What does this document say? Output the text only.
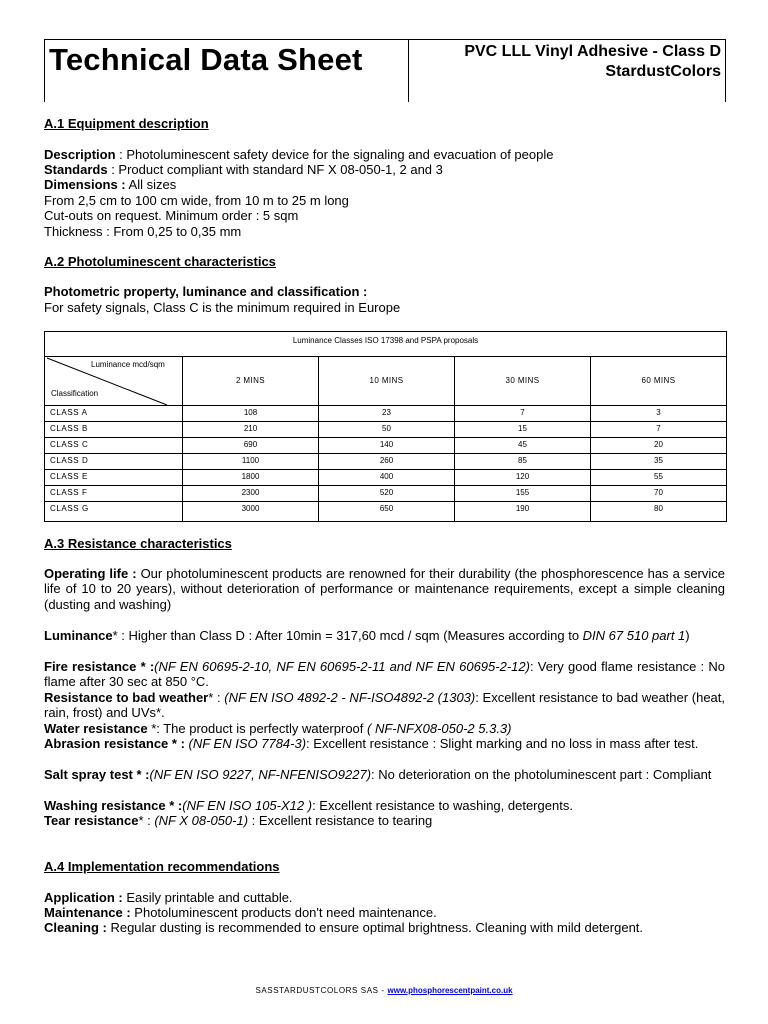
Technical Data Sheet	PVC LLL Vinyl Adhesive - Class D
StardustColors
A.1 Equipment description
Description : Photoluminescent safety device for the signaling and evacuation of people
Standards : Product compliant with standard NF X 08-050-1, 2 and 3
Dimensions : All sizes
From 2,5 cm to 100 cm wide, from 10 m to 25 m long
Cut-outs on request. Minimum order : 5 sqm
Thickness : From 0,25 to 0,35 mm
A.2 Photoluminescent characteristics
Photometric property, luminance and classification :
For safety signals, Class C is the minimum required in Europe
Luminance Classes ISO 17398 and PSPA proposals
Luminance mcd/sqm
Classification
2 MINS	10 MINS	30 MINS	60 MINS
CLASS A	108	23	7	3
CLASS B	210	50	15	7
CLASS C	690	140	45	20
CLASS D	1100	260	85	35
CLASS E	1800	400	120	55
CLASS F	2300	520	155	70
CLASS G	3000	650	190	80
A.3 Resistance characteristics
Operating life : Our photoluminescent products are renowned for their durability (the phosphorescence has a service life of 10 to 20 years), without deterioration of performance or maintenance requirements, except a simple cleaning (dusting and washing)
Luminance* : Higher than Class D : After 10min = 317,60 mcd / sqm (Measures according to DIN 67 510 part 1)
Fire resistance * :(NF EN 60695-2-10, NF EN 60695-2-11 and NF EN 60695-2-12): Very good flame resistance : No flame after 30 sec at 850 °C.
Resistance to bad weather* : (NF EN ISO 4892-2 - NF-ISO4892-2 (1303): Excellent resistance to bad weather (heat, rain, frost) and UVs*.
Water resistance *: The product is perfectly waterproof ( NF-NFX08-050-2 5.3.3)
Abrasion resistance * : (NF EN ISO 7784-3): Excellent resistance : Slight marking and no loss in mass after test.
Salt spray test * :(NF EN ISO 9227, NF-NFENISO9227): No deterioration on the photoluminescent part : Compliant
Washing resistance * :(NF EN ISO 105-X12 ): Excellent resistance to washing, detergents.
Tear resistance* : (NF X 08-050-1) : Excellent resistance to tearing
A.4 Implementation recommendations
Application : Easily printable and cuttable.
Maintenance : Photoluminescent products don't need maintenance.
Cleaning : Regular dusting is recommended to ensure optimal brightness. Cleaning with mild detergent.
SASSTARDUSTCOLORS SAS - www.phosphorescentpaint.co.uk
